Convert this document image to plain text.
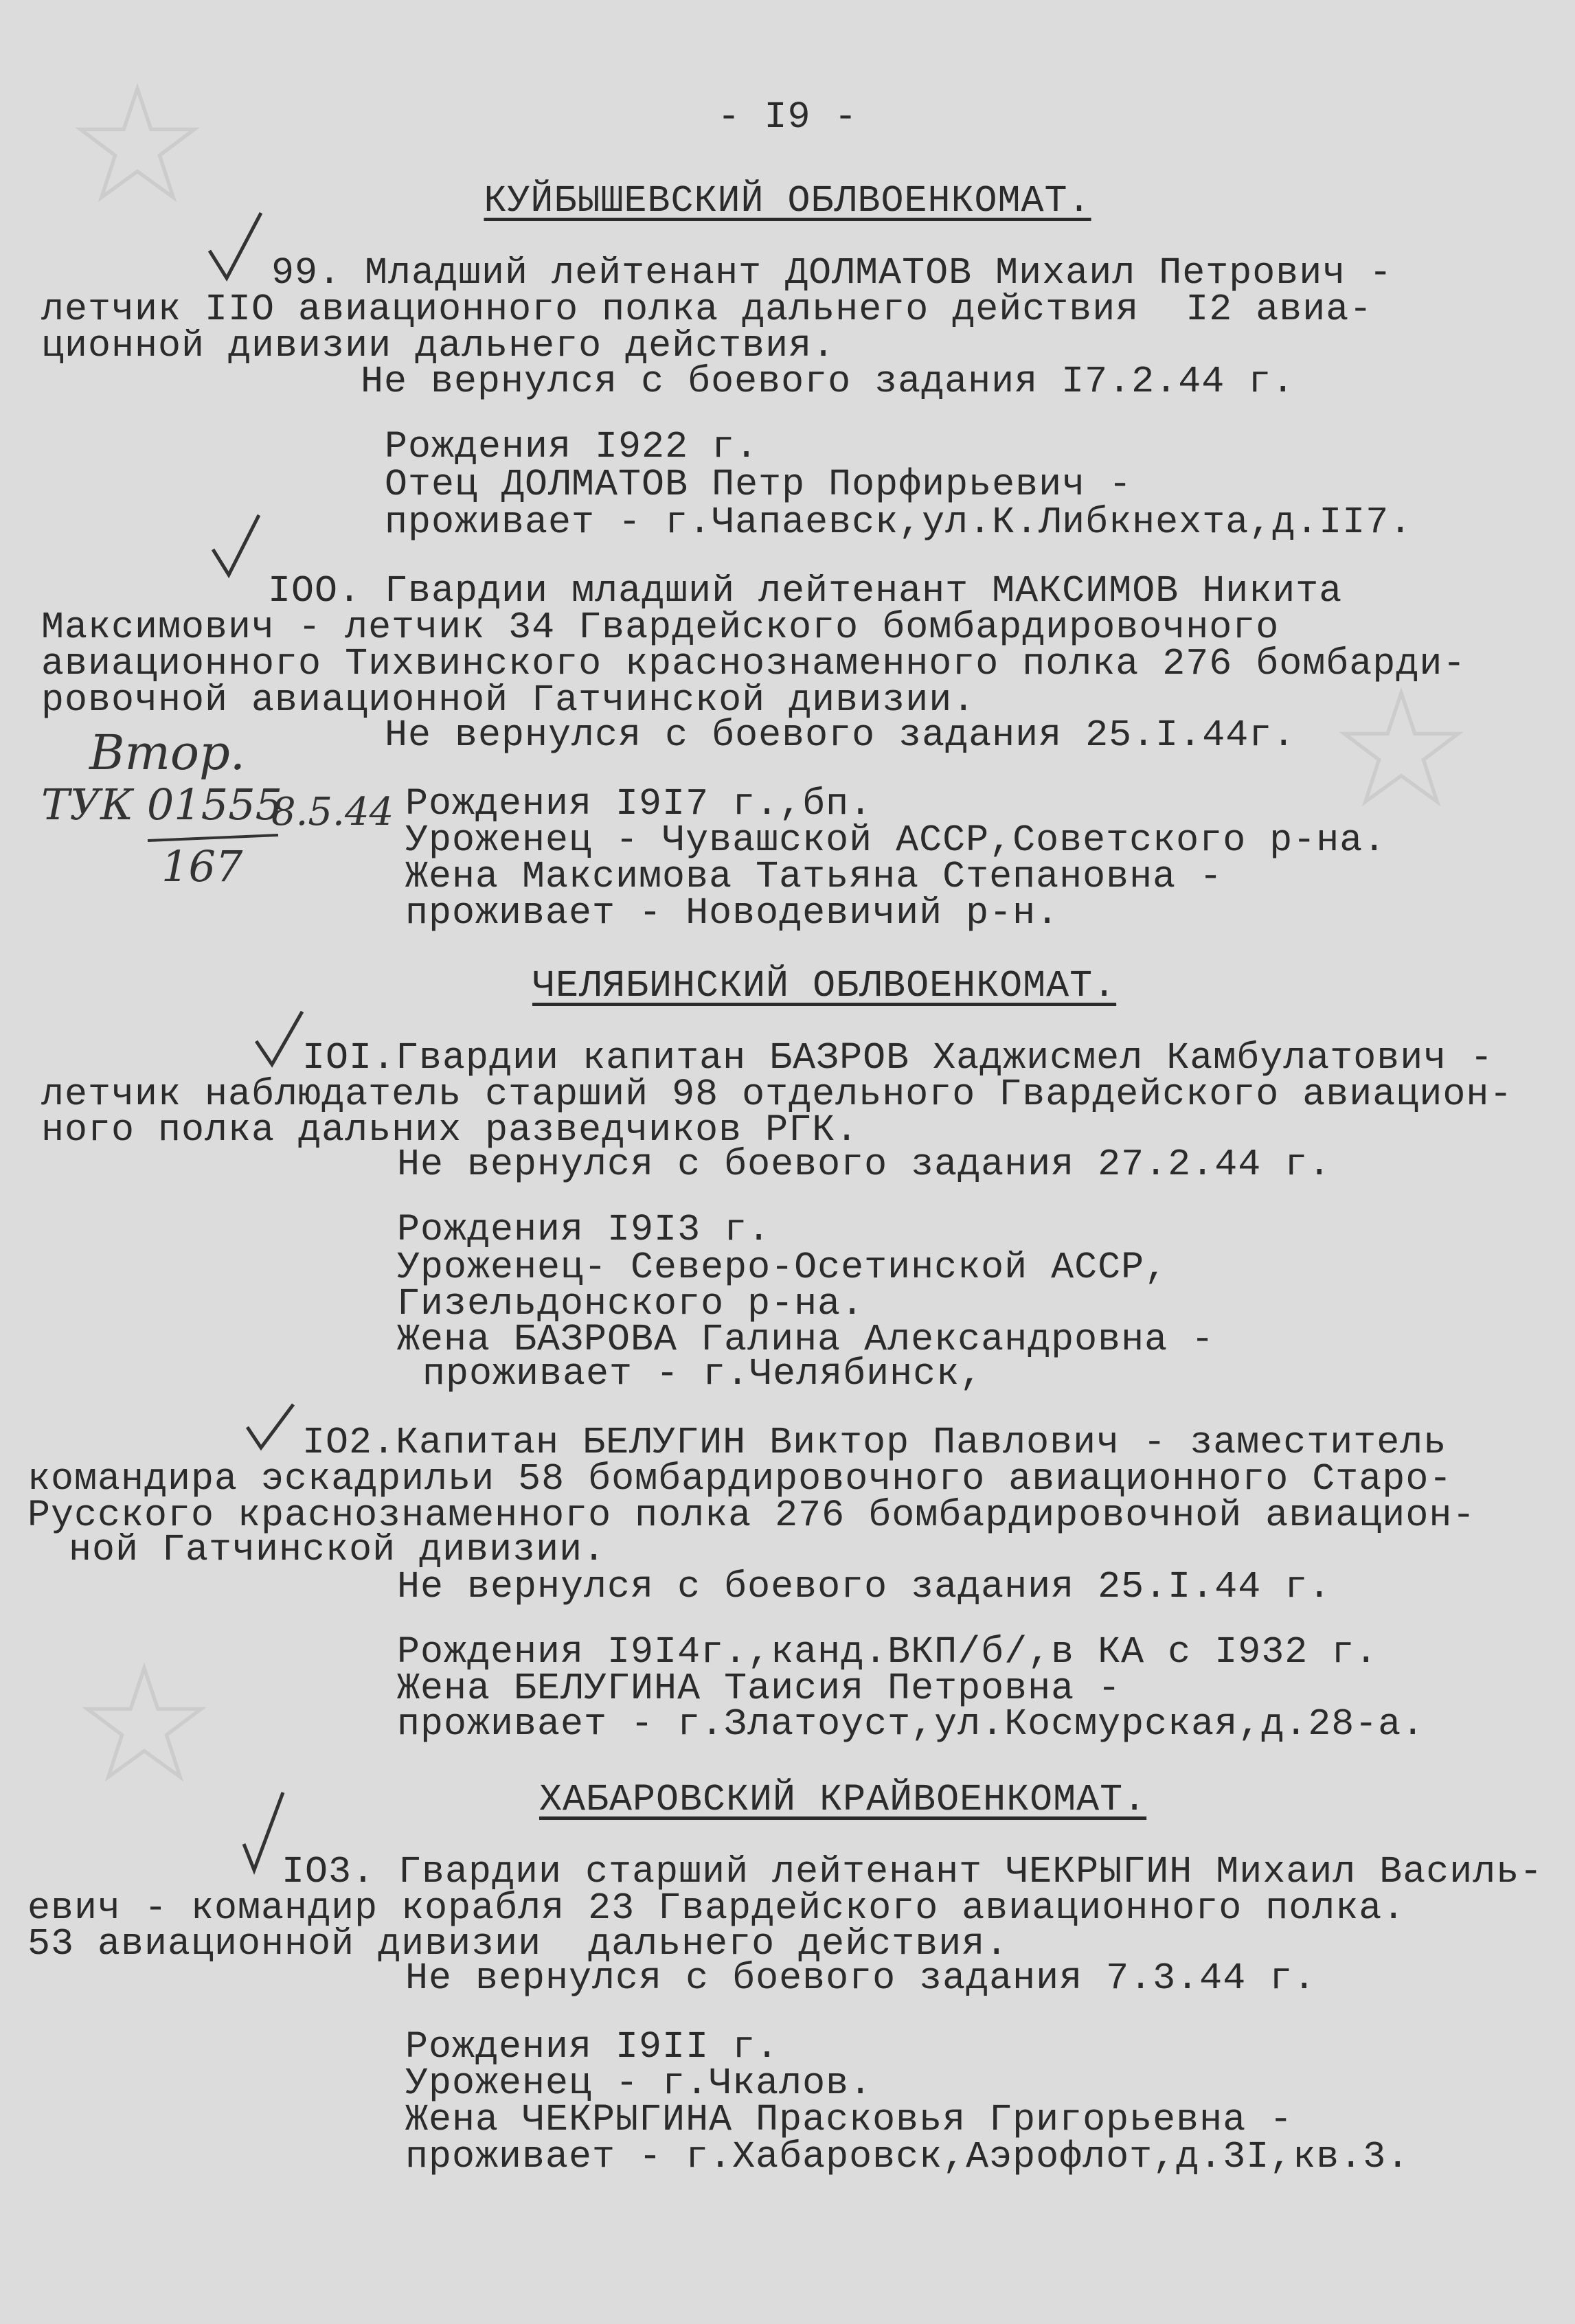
- I9 -
КУЙБЫШЕВСКИЙ ОБЛВОЕНКОМАТ.
99. Младший лейтенант ДОЛМАТОВ Михаил Петрович -
летчик IIO авиационного полка дальнего действия  I2 авиа-
ционной дивизии дальнего действия.
Не вернулся с боевого задания I7.2.44 г.
Рождения I922 г.
Отец ДОЛМАТОВ Петр Порфирьевич -
проживает - г.Чапаевск,ул.К.Либкнехта,д.II7.
IOO. Гвардии младший лейтенант МАКСИМОВ Никита
Максимович - летчик 34 Гвардейского бомбардировочного
авиационного Тихвинского краснознаменного полка 276 бомбарди-
ровочной авиационной Гатчинской дивизии.
Не вернулся с боевого задания 25.I.44г.
Втор.
ТУК 01555
8.5.44
167
Рождения I9I7 г.,бп.
Уроженец - Чувашской АССР,Советского р-на.
Жена Максимова Татьяна Степановна -
проживает - Новодевичий р-н.
ЧЕЛЯБИНСКИЙ ОБЛВОЕНКОМАТ.
IOI.Гвардии капитан БАЗРОВ Хаджисмел Камбулатович -
летчик наблюдатель старший 98 отдельного Гвардейского авиацион-
ного полка дальних разведчиков РГК.
Не вернулся с боевого задания 27.2.44 г.
Рождения I9I3 г.
Уроженец- Северо-Осетинской АССР,
Гизельдонского р-на.
Жена БАЗРОВА Галина Александровна -
проживает - г.Челябинск,
IO2.Капитан БЕЛУГИН Виктор Павлович - заместитель
командира эскадрильи 58 бомбардировочного авиационного Старо-
Русского краснознаменного полка 276 бомбардировочной авиацион-
ной Гатчинской дивизии.
Не вернулся с боевого задания 25.I.44 г.
Рождения I9I4г.,канд.ВКП/б/,в КА с I932 г.
Жена БЕЛУГИНА Таисия Петровна -
проживает - г.Златоуст,ул.Космурская,д.28-а.
ХАБАРОВСКИЙ КРАЙВОЕНКОМАТ.
IO3. Гвардии старший лейтенант ЧЕКРЫГИН Михаил Василь-
евич - командир корабля 23 Гвардейского авиационного полка.
53 авиационной дивизии  дальнего действия.
Не вернулся с боевого задания 7.3.44 г.
Рождения I9II г.
Уроженец - г.Чкалов.
Жена ЧЕКРЫГИНА Прасковья Григорьевна -
проживает - г.Хабаровск,Аэрофлот,д.3I,кв.3.
